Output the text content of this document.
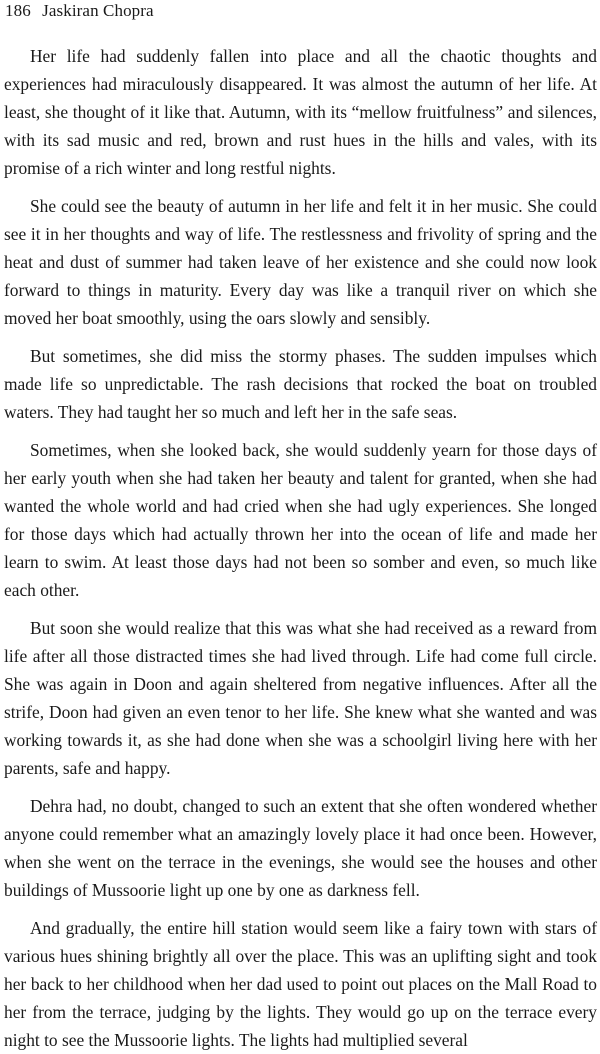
186 Jaskiran Chopra

Her life had suddenly fallen into place and all the chaotic thoughts and experiences had miraculously disappeared. It was almost the autumn of her life. At least, she thought of it like that. Autumn, with its “mellow fruitfulness” and silences, with its sad music and red, brown and rust hues in the hills and vales, with its promise of a rich winter and long restful nights.

She could see the beauty of autumn in her life and felt it in her music. She could see it in her thoughts and way of life. The restlessness and frivolity of spring and the heat and dust of summer had taken leave of her existence and she could now look forward to things in maturity. Every day was like a tranquil river on which she moved her boat smoothly, using the oars slowly and sensibly.

But sometimes, she did miss the stormy phases. The sudden impulses which made life so unpredictable. The rash decisions that rocked the boat on troubled waters. They had taught her so much and left her in the safe seas.

Sometimes, when she looked back, she would suddenly yearn for those days of her early youth when she had taken her beauty and talent for granted, when she had wanted the whole world and had cried when she had ugly experiences. She longed for those days which had actually thrown her into the ocean of life and made her learn to swim. At least those days had not been so somber and even, so much like each other.

But soon she would realize that this was what she had received as a reward from life after all those distracted times she had lived through. Life had come full circle. She was again in Doon and again sheltered from negative influences. After all the strife, Doon had given an even tenor to her life. She knew what she wanted and was working towards it, as she had done when she was a schoolgirl living here with her parents, safe and happy.

Dehra had, no doubt, changed to such an extent that she often wondered whether anyone could remember what an amazingly lovely place it had once been. However, when she went on the terrace in the evenings, she would see the houses and other buildings of Mussoorie light up one by one as darkness fell.

And gradually, the entire hill station would seem like a fairy town with stars of various hues shining brightly all over the place. This was an uplifting sight and took her back to her childhood when her dad used to point out places on the Mall Road to her from the terrace, judging by the lights. They would go up on the terrace every night to see the Mussoorie lights. The lights had multiplied several
